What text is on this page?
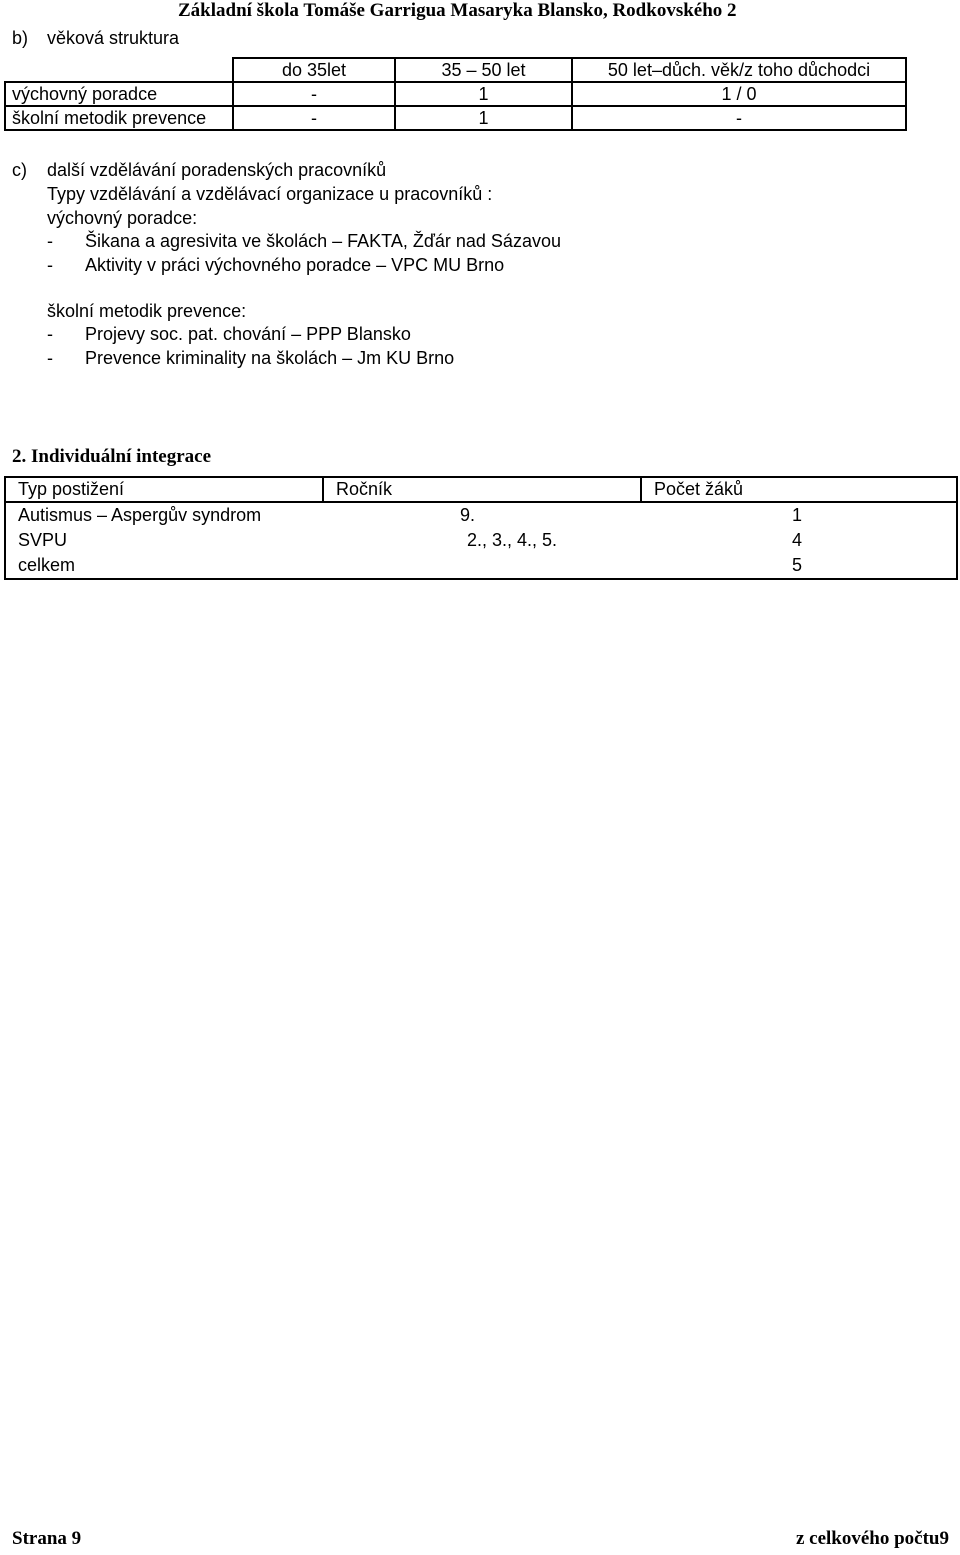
Základní škola Tomáše Garrigua Masaryka Blansko, Rodkovského 2
b) věková struktura
	do 35let	35 – 50 let	50 let–důch. věk/z toho důchodci
výchovný poradce	-	1	1 / 0
školní metodik prevence	-	1	-
c) další vzdělávání poradenských pracovníků
Typy vzdělávání a vzdělávací organizace u pracovníků :
výchovný poradce:
- Šikana a agresivita ve školách – FAKTA, Žďár nad Sázavou
- Aktivity v práci výchovného poradce – VPC MU Brno
školní metodik prevence:
- Projevy soc. pat. chování – PPP Blansko
- Prevence kriminality na školách – Jm KU Brno
2. Individuální integrace
Typ postižení	Ročník	Počet žáků
Autismus – Aspergův syndrom	9.	1
SVPU	2., 3., 4., 5.	4
celkem		5
Strana 9	z celkového počtu9
